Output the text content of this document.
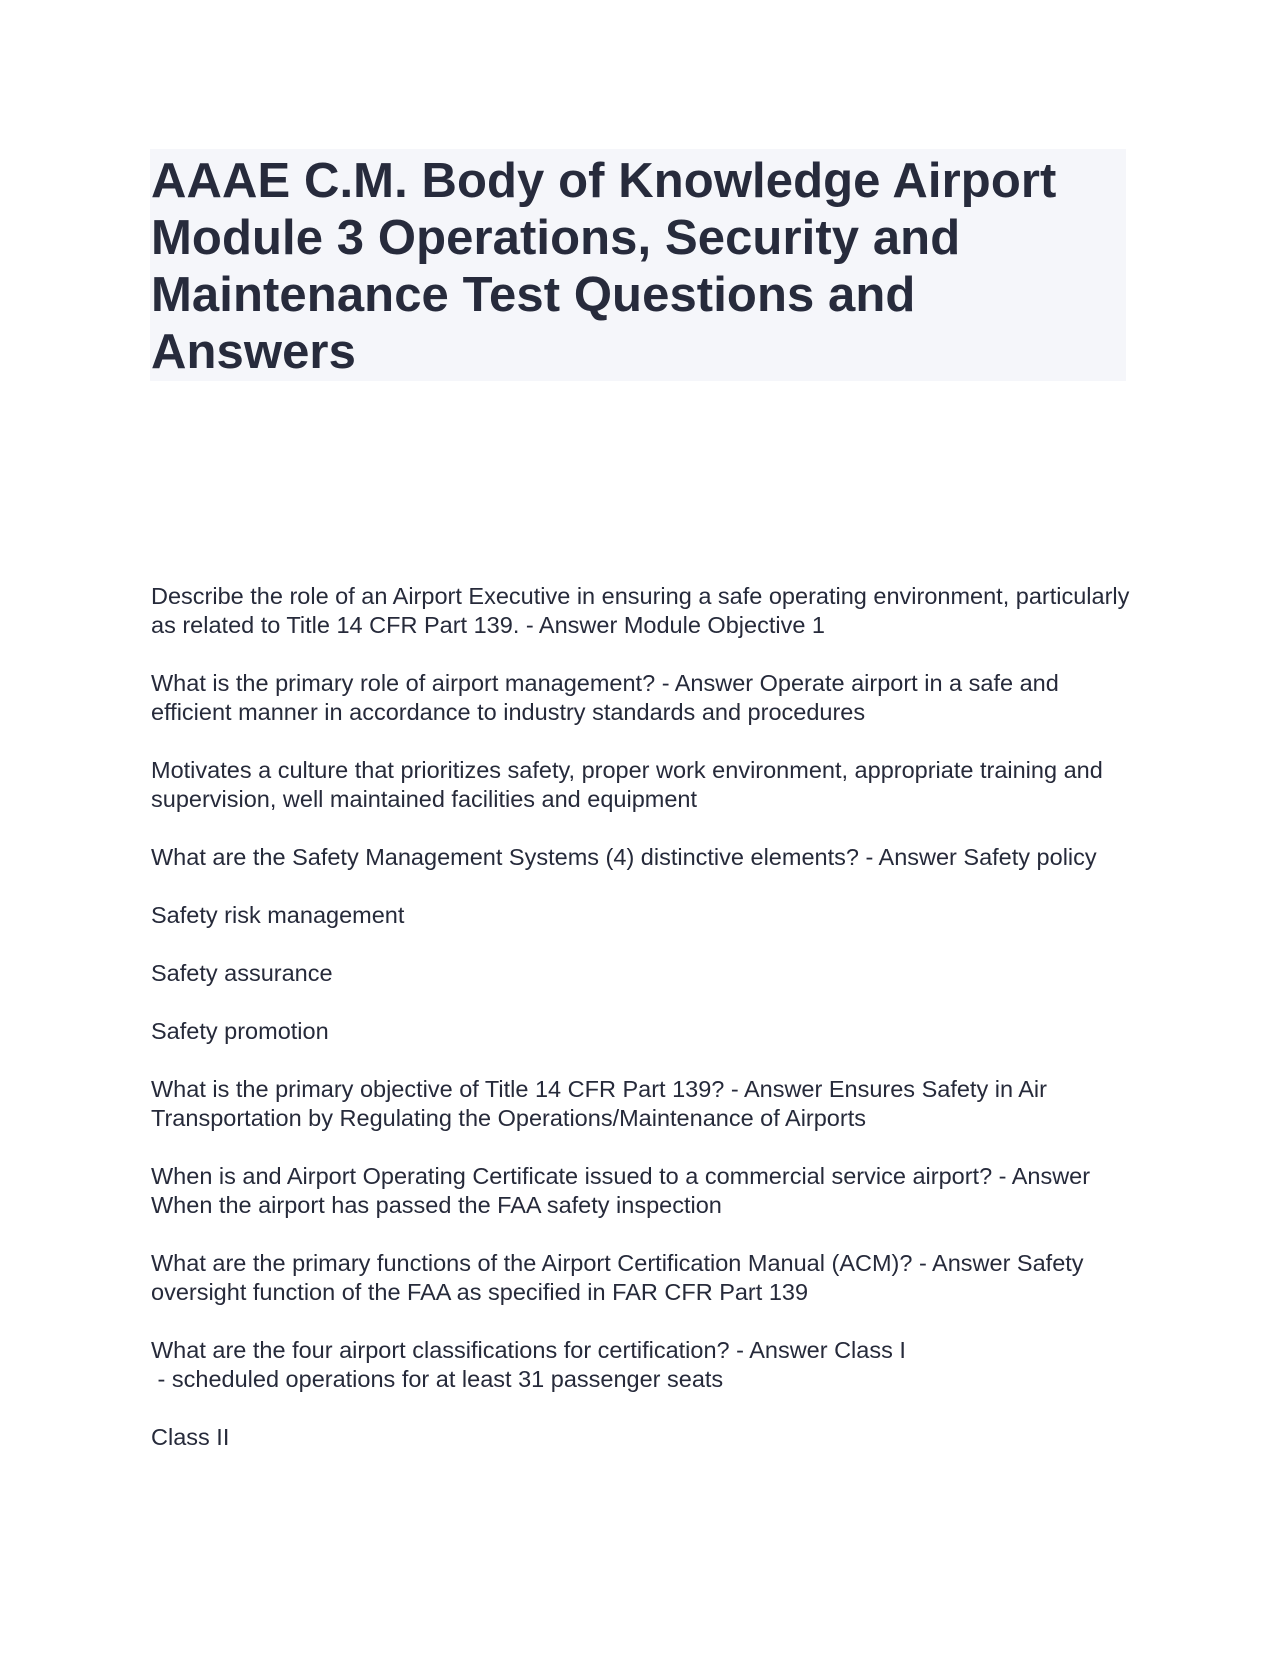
AAAE C.M. Body of Knowledge Airport Module 3 Operations, Security and Maintenance Test Questions and Answers

Describe the role of an Airport Executive in ensuring a safe operating environment, particularly as related to Title 14 CFR Part 139. - Answer Module Objective 1

What is the primary role of airport management? - Answer Operate airport in a safe and efficient manner in accordance to industry standards and procedures

Motivates a culture that prioritizes safety, proper work environment, appropriate training and supervision, well maintained facilities and equipment

What are the Safety Management Systems (4) distinctive elements? - Answer Safety policy

Safety risk management

Safety assurance

Safety promotion

What is the primary objective of Title 14 CFR Part 139? - Answer Ensures Safety in Air Transportation by Regulating the Operations/Maintenance of Airports

When is and Airport Operating Certificate issued to a commercial service airport? - Answer When the airport has passed the FAA safety inspection

What are the primary functions of the Airport Certification Manual (ACM)? - Answer Safety oversight function of the FAA as specified in FAR CFR Part 139

What are the four airport classifications for certification? - Answer Class I
- scheduled operations for at least 31 passenger seats

Class II
